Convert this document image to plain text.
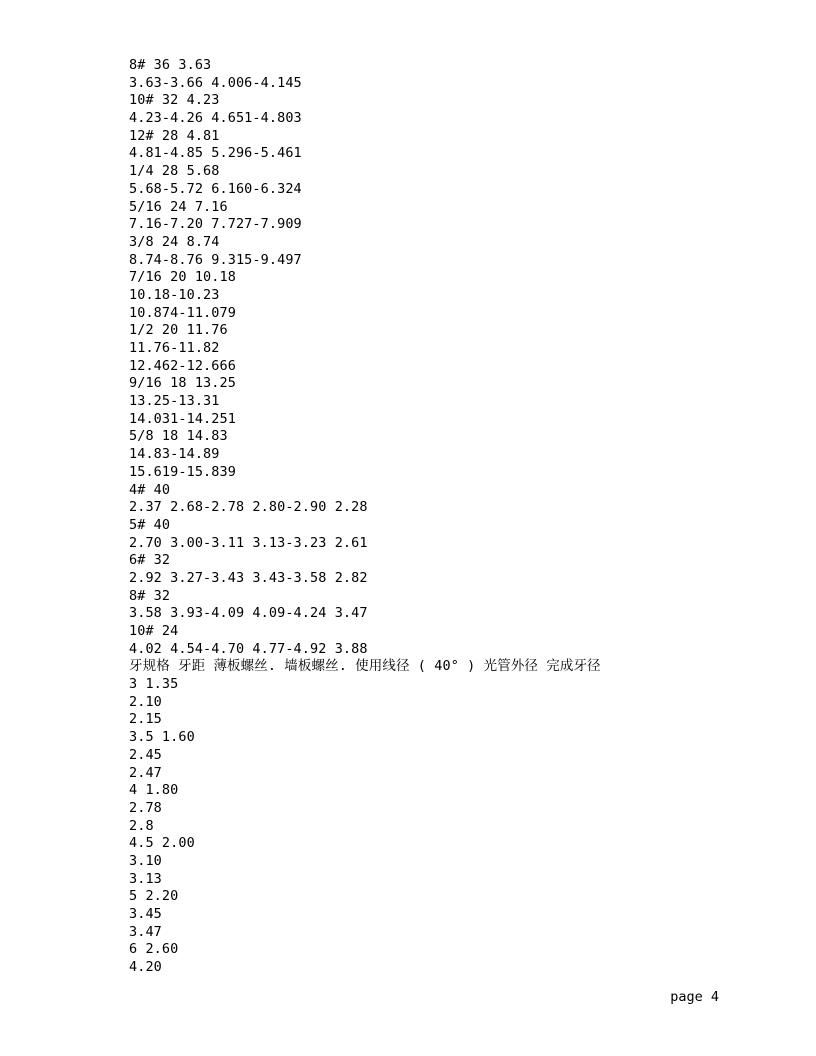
8# 36 3.63
3.63-3.66 4.006-4.145
10# 32 4.23
4.23-4.26 4.651-4.803
12# 28 4.81
4.81-4.85 5.296-5.461
1/4 28 5.68
5.68-5.72 6.160-6.324
5/16 24 7.16
7.16-7.20 7.727-7.909
3/8 24 8.74
8.74-8.76 9.315-9.497
7/16 20 10.18
10.18-10.23
10.874-11.079
1/2 20 11.76
11.76-11.82
12.462-12.666
9/16 18 13.25
13.25-13.31
14.031-14.251
5/8 18 14.83
14.83-14.89
15.619-15.839
4# 40
2.37 2.68-2.78 2.80-2.90 2.28
5# 40
2.70 3.00-3.11 3.13-3.23 2.61
6# 32
2.92 3.27-3.43 3.43-3.58 2.82
8# 32
3.58 3.93-4.09 4.09-4.24 3.47
10# 24
4.02 4.54-4.70 4.77-4.92 3.88
牙规格 牙距 薄板螺丝. 墙板螺丝. 使用线径 ( 40° ) 光管外径 完成牙径
3 1.35
2.10
2.15
3.5 1.60
2.45
2.47
4 1.80
2.78
2.8
4.5 2.00
3.10
3.13
5 2.20
3.45
3.47
6 2.60
4.20
page 4
